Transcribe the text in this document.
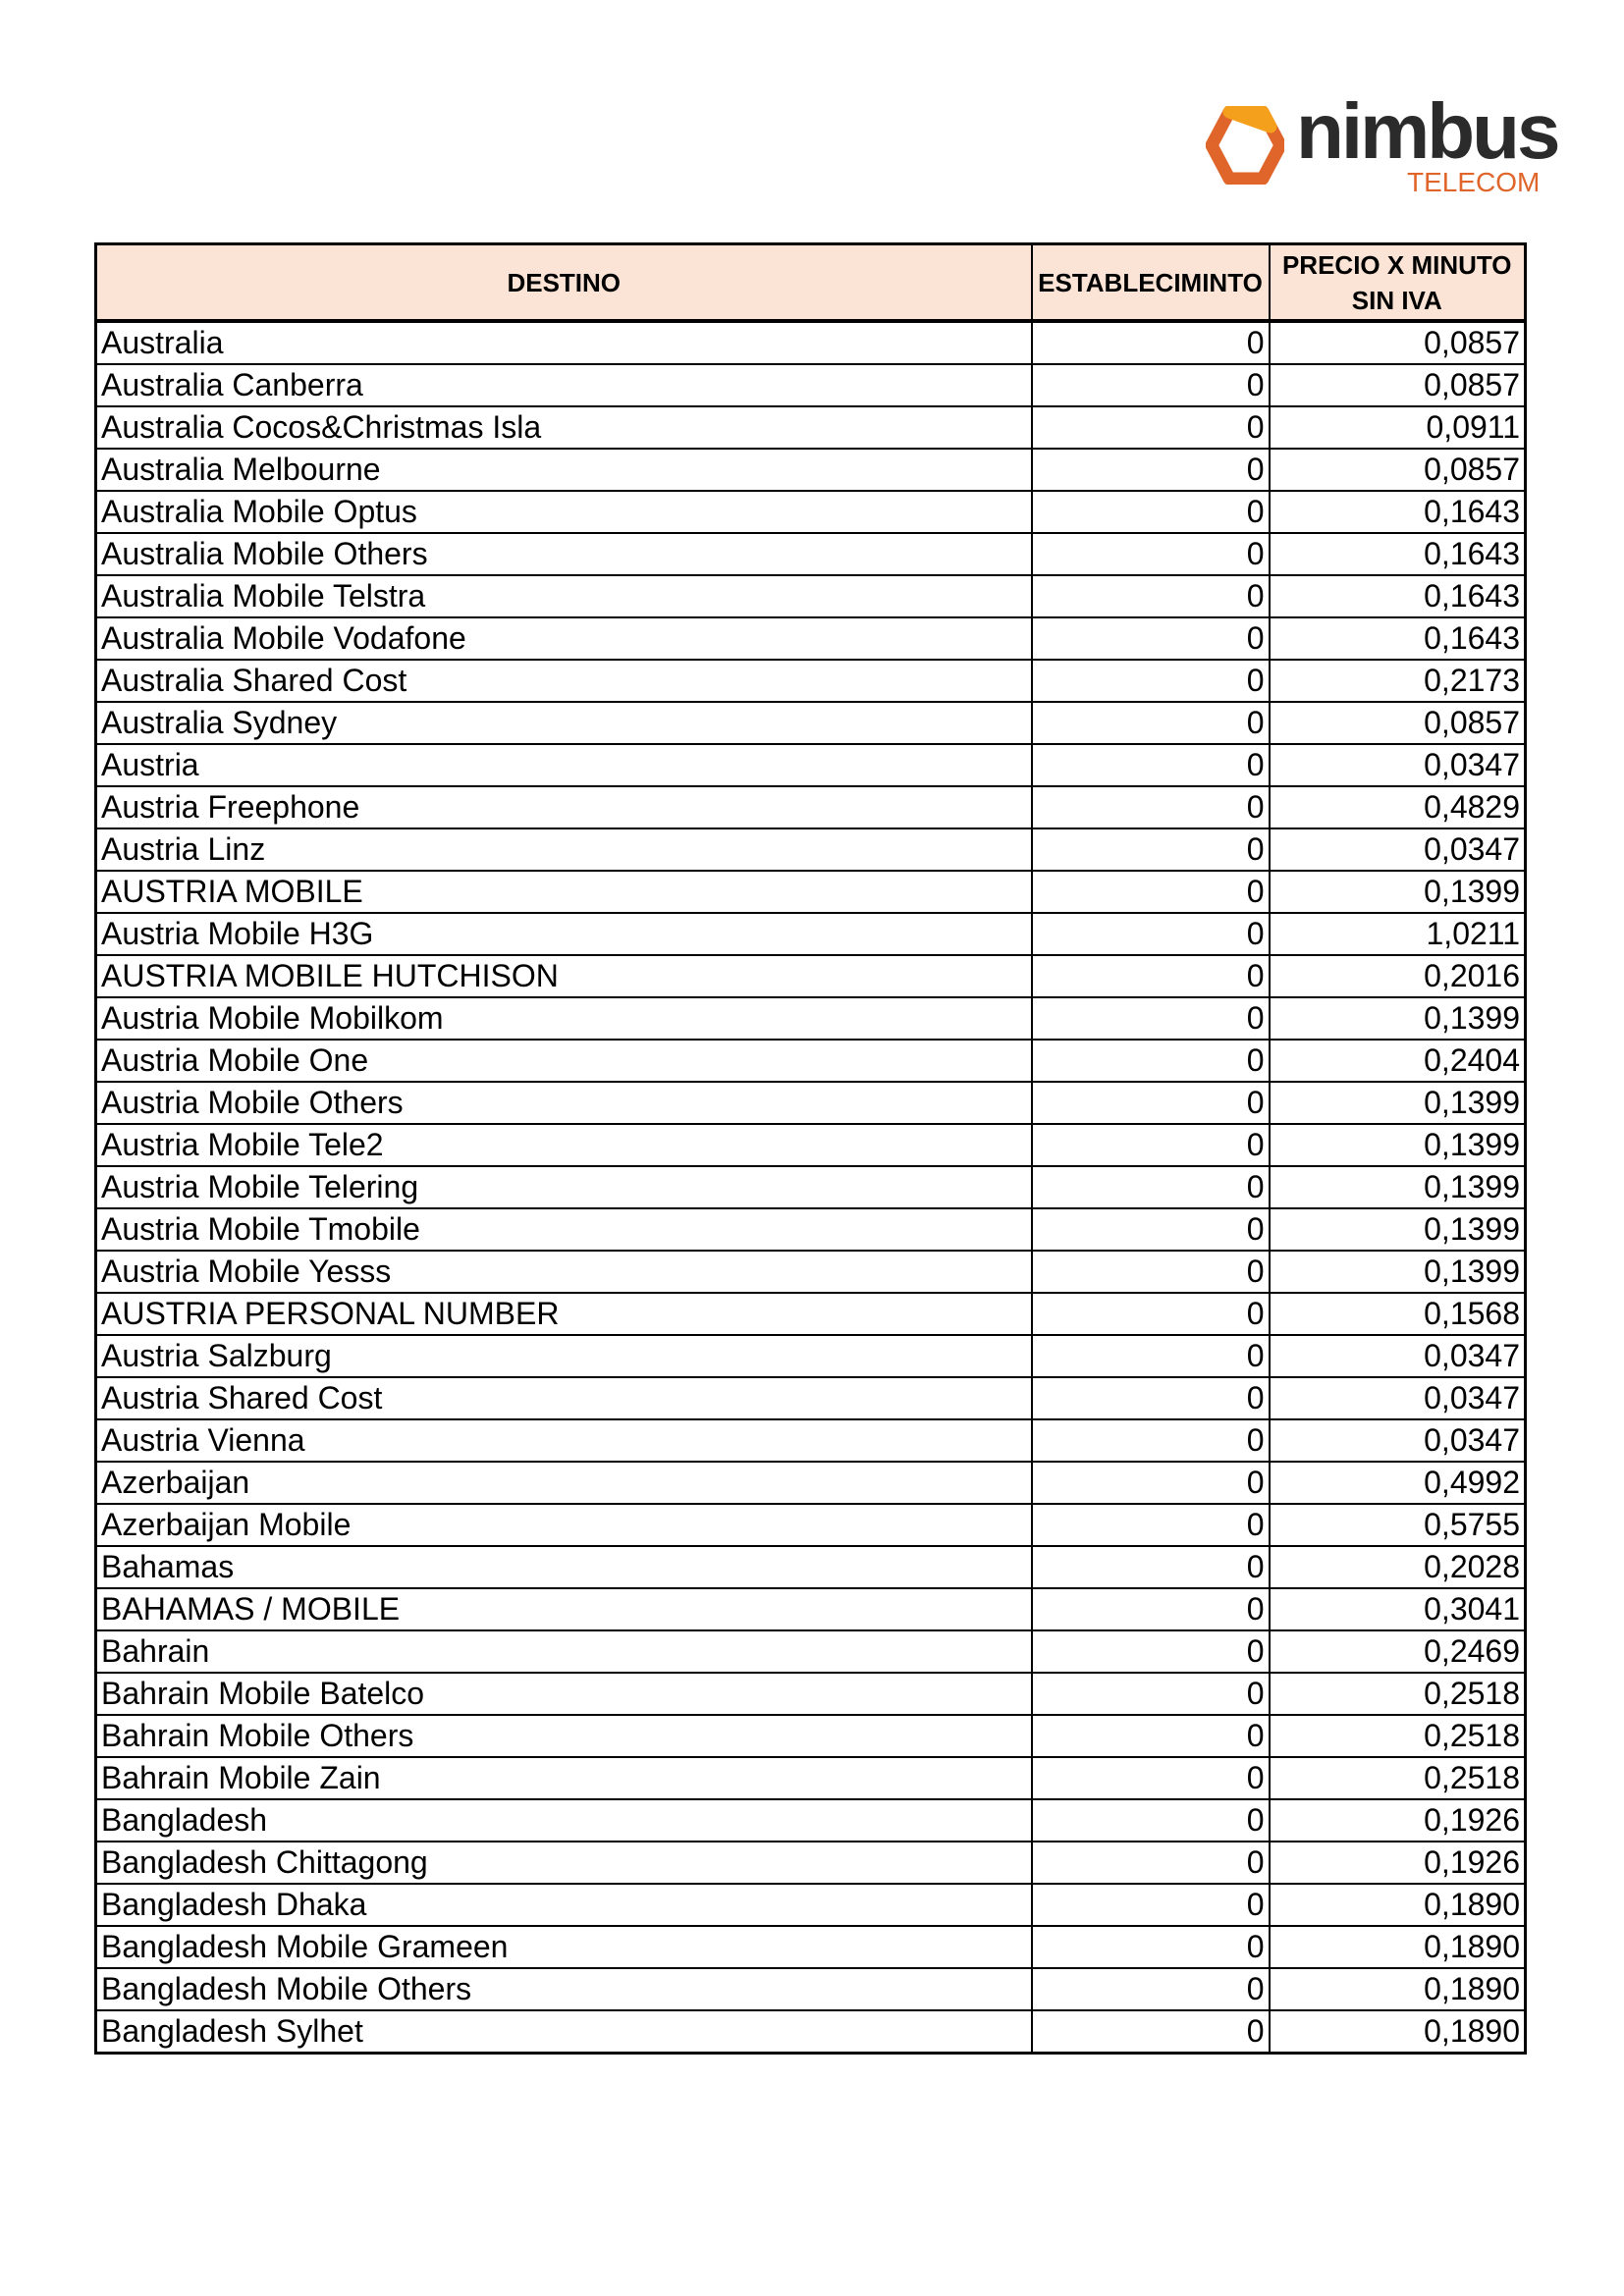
nimbus
TELECOM
DESTINO	ESTABLECIMINTO	PRECIO X MINUTO
SIN IVA
Australia	0	0,0857
Australia Canberra	0	0,0857
Australia Cocos&Christmas Isla	0	0,0911
Australia Melbourne	0	0,0857
Australia Mobile Optus	0	0,1643
Australia Mobile Others	0	0,1643
Australia Mobile Telstra	0	0,1643
Australia Mobile Vodafone	0	0,1643
Australia Shared Cost	0	0,2173
Australia Sydney	0	0,0857
Austria	0	0,0347
Austria Freephone	0	0,4829
Austria Linz	0	0,0347
AUSTRIA MOBILE	0	0,1399
Austria Mobile H3G	0	1,0211
AUSTRIA MOBILE HUTCHISON	0	0,2016
Austria Mobile Mobilkom	0	0,1399
Austria Mobile One	0	0,2404
Austria Mobile Others	0	0,1399
Austria Mobile Tele2	0	0,1399
Austria Mobile Telering	0	0,1399
Austria Mobile Tmobile	0	0,1399
Austria Mobile Yesss	0	0,1399
AUSTRIA PERSONAL NUMBER	0	0,1568
Austria Salzburg	0	0,0347
Austria Shared Cost	0	0,0347
Austria Vienna	0	0,0347
Azerbaijan	0	0,4992
Azerbaijan Mobile	0	0,5755
Bahamas	0	0,2028
BAHAMAS / MOBILE	0	0,3041
Bahrain	0	0,2469
Bahrain Mobile Batelco	0	0,2518
Bahrain Mobile Others	0	0,2518
Bahrain Mobile Zain	0	0,2518
Bangladesh	0	0,1926
Bangladesh Chittagong	0	0,1926
Bangladesh Dhaka	0	0,1890
Bangladesh Mobile Grameen	0	0,1890
Bangladesh Mobile Others	0	0,1890
Bangladesh Sylhet	0	0,1890
